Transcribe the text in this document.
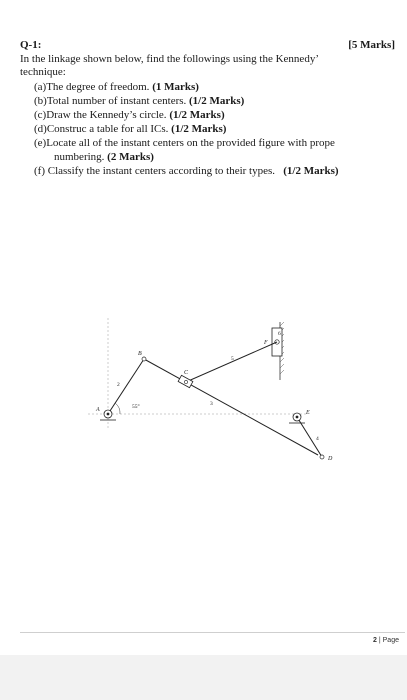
Q-1:	[5 Marks]
In the linkage shown below, find the followings using the Kennedy’
technique:
(a)The degree of freedom. (1 Marks)
(b)Total number of instant centers. (1/2 Marks)
(c)Draw the Kennedy’s circle. (1/2 Marks)
(d)Construc a table for all ICs. (1/2 Marks)
(e)Locate all of the instant centers on the provided figure with prope
numbering. (2 Marks)
(f) Classify the instant centers according to their types. (1/2 Marks)
6
F
2
55°	3
5
C
B
A	E
4
D
2 | Page
